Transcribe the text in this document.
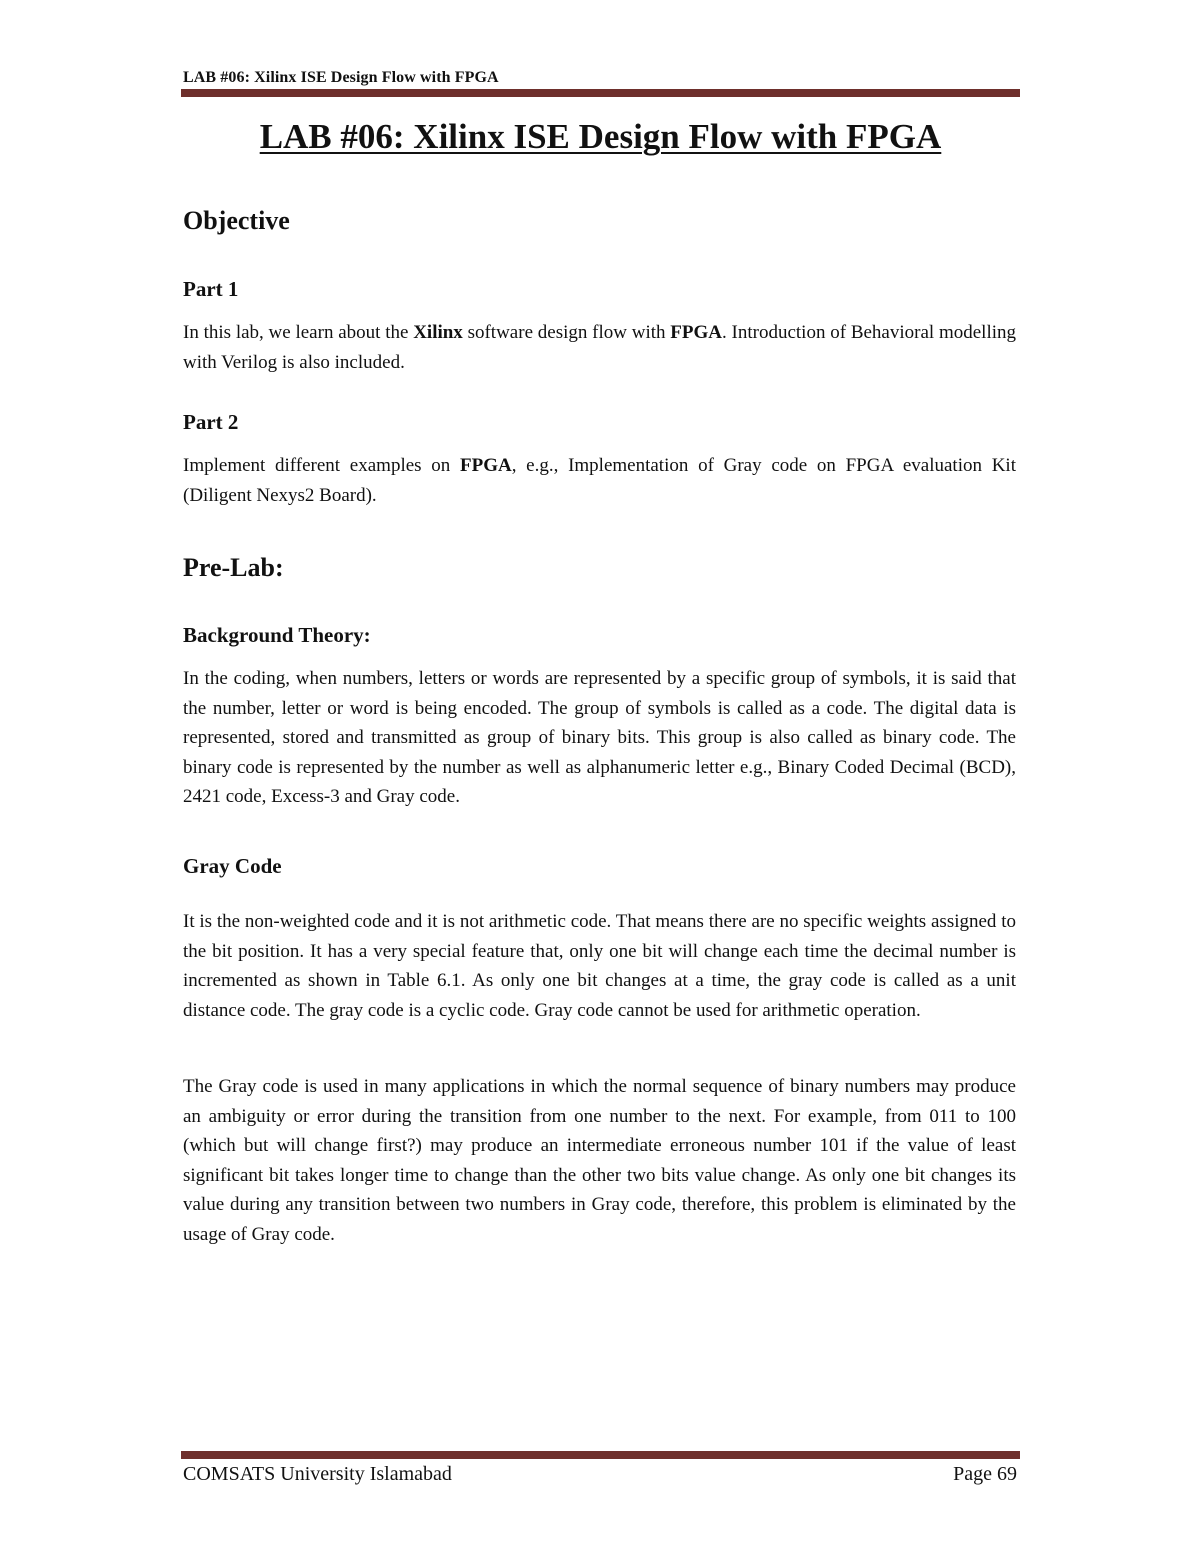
LAB #06: Xilinx ISE Design Flow with FPGA
LAB #06: Xilinx ISE Design Flow with FPGA
Objective
Part 1

In this lab, we learn about the Xilinx software design flow with FPGA. Introduction of Behavioral modelling with Verilog is also included.

Part 2

Implement different examples on FPGA, e.g., Implementation of Gray code on FPGA evaluation Kit (Diligent Nexys2 Board).

Pre-Lab:
Background Theory:

In the coding, when numbers, letters or words are represented by a specific group of symbols, it is said that the number, letter or word is being encoded. The group of symbols is called as a code. The digital data is represented, stored and transmitted as group of binary bits. This group is also called as binary code. The binary code is represented by the number as well as alphanumeric letter e.g., Binary Coded Decimal (BCD), 2421 code, Excess-3 and Gray code.

Gray Code

It is the non-weighted code and it is not arithmetic code. That means there are no specific weights assigned to the bit position. It has a very special feature that, only one bit will change each time the decimal number is incremented as shown in Table 6.1. As only one bit changes at a time, the gray code is called as a unit distance code. The gray code is a cyclic code. Gray code cannot be used for arithmetic operation.

The Gray code is used in many applications in which the normal sequence of binary numbers may produce an ambiguity or error during the transition from one number to the next. For example, from 011 to 100 (which but will change first?) may produce an intermediate erroneous number 101 if the value of least significant bit takes longer time to change than the other two bits value change. As only one bit changes its value during any transition between two numbers in Gray code, therefore, this problem is eliminated by the usage of Gray code.

COMSATS University Islamabad	Page 69
